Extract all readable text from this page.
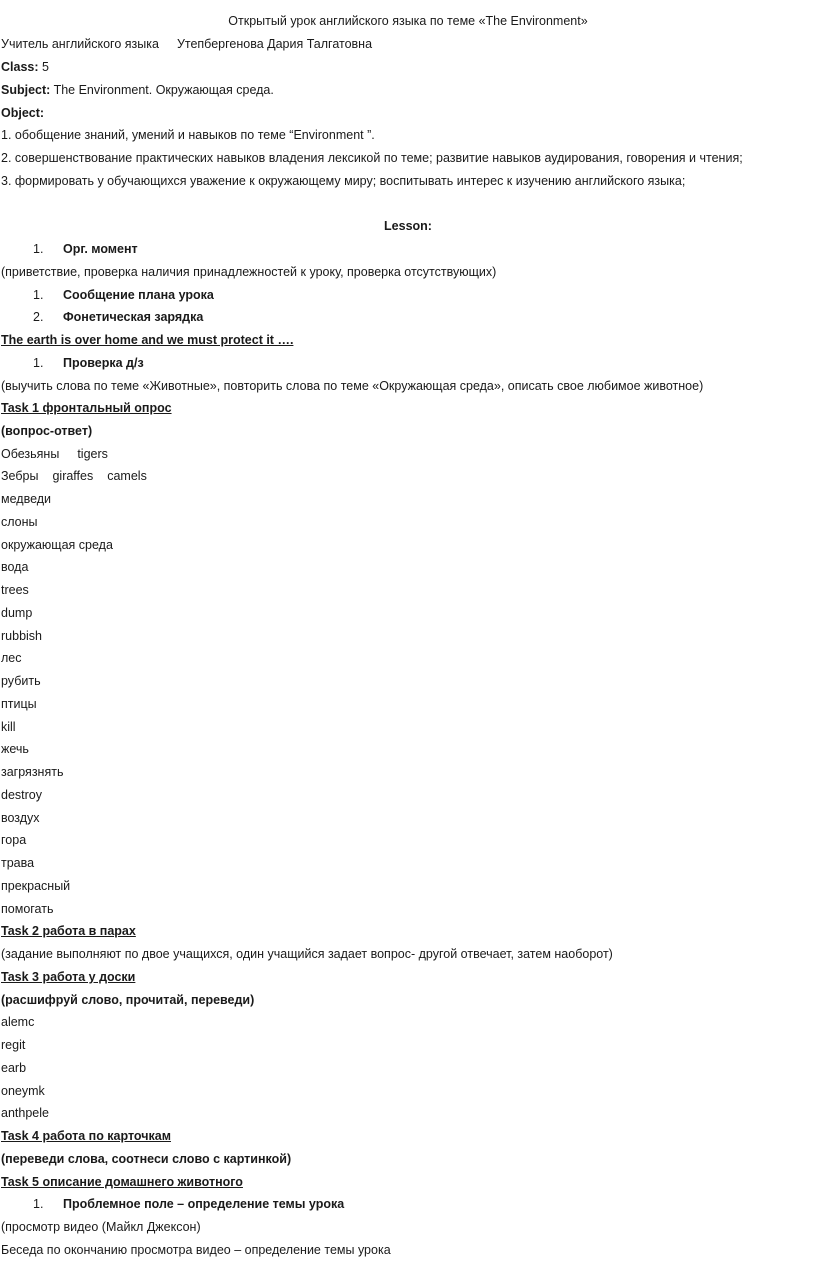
Открытый урок английского языка по теме «The Environment»
Учитель английского языка Утепбергенова Дария Талгатовна
Class: 5
Subject: The Environment. Окружающая среда.
Object:
1. обобщение знаний, умений и навыков по теме “Environment ”.
2. совершенствование практических навыков владения лексикой по теме; развитие навыков аудирования, говорения и чтения;
3. формировать у обучающихся уважение к окружающему миру; воспитывать интерес к изучению английского языка;
Lesson:
1. Орг. момент
(приветствие, проверка наличия принадлежностей к уроку, проверка отсутствующих)
1. Сообщение плана урока
2. Фонетическая зарядка
The earth is over home and we must protect it ….
1. Проверка д/з
(выучить слова по теме «Животные», повторить слова по теме «Окружающая среда», описать свое любимое животное)
Task 1 фронтальный опрос
(вопрос-ответ)
Обезьяны tigers
Зебры giraffes camels
медведи
слоны
окружающая среда
вода
trees
dump
rubbish
лес
рубить
птицы
kill
жечь
загрязнять
destroy
воздух
гора
трава
прекрасный
помогать
Task 2 работа в парах
(задание выполняют по двое учащихся, один учащийся задает вопрос- другой отвечает, затем наоборот)
Task 3 работа у доски
(расшифруй слово, прочитай, переведи)
alemc
regit
earb
oneymk
anthpele
Task 4 работа по карточкам
(переведи слова, соотнеси слово с картинкой)
Task 5 описание домашнего животного
1. Проблемное поле – определение темы урока
(просмотр видео (Майкл Джексон)
Беседа по окончанию просмотра видео – определение темы урока
